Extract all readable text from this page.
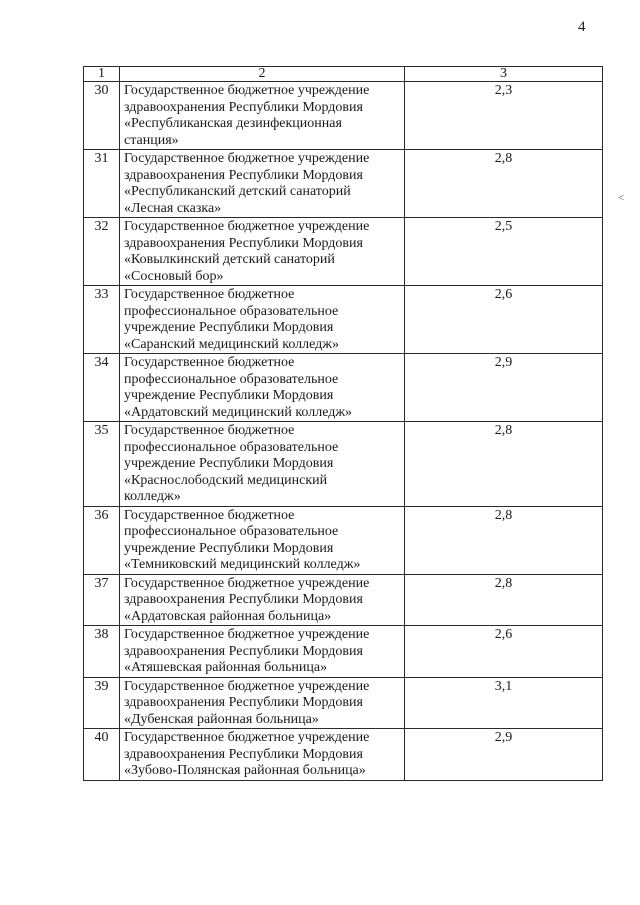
4
<
1	2	3
30	Государственное бюджетное учреждение
здравоохранения Республики Мордовия
«Республиканская дезинфекционная
станция»	2,3
31	Государственное бюджетное учреждение
здравоохранения Республики Мордовия
«Республиканский детский санаторий
«Лесная сказка»	2,8
32	Государственное бюджетное учреждение
здравоохранения Республики Мордовия
«Ковылкинский детский санаторий
«Сосновый бор»	2,5
33	Государственное бюджетное
профессиональное образовательное
учреждение Республики Мордовия
«Саранский медицинский колледж»	2,6
34	Государственное бюджетное
профессиональное образовательное
учреждение Республики Мордовия
«Ардатовский медицинский колледж»	2,9
35	Государственное бюджетное
профессиональное образовательное
учреждение Республики Мордовия
«Краснослободский медицинский
колледж»	2,8
36	Государственное бюджетное
профессиональное образовательное
учреждение Республики Мордовия
«Темниковский медицинский колледж»	2,8
37	Государственное бюджетное учреждение
здравоохранения Республики Мордовия
«Ардатовская районная больница»	2,8
38	Государственное бюджетное учреждение
здравоохранения Республики Мордовия
«Атяшевская районная больница»	2,6
39	Государственное бюджетное учреждение
здравоохранения Республики Мордовия
«Дубенская районная больница»	3,1
40	Государственное бюджетное учреждение
здравоохранения Республики Мордовия
«Зубово-Полянская районная больница»	2,9
